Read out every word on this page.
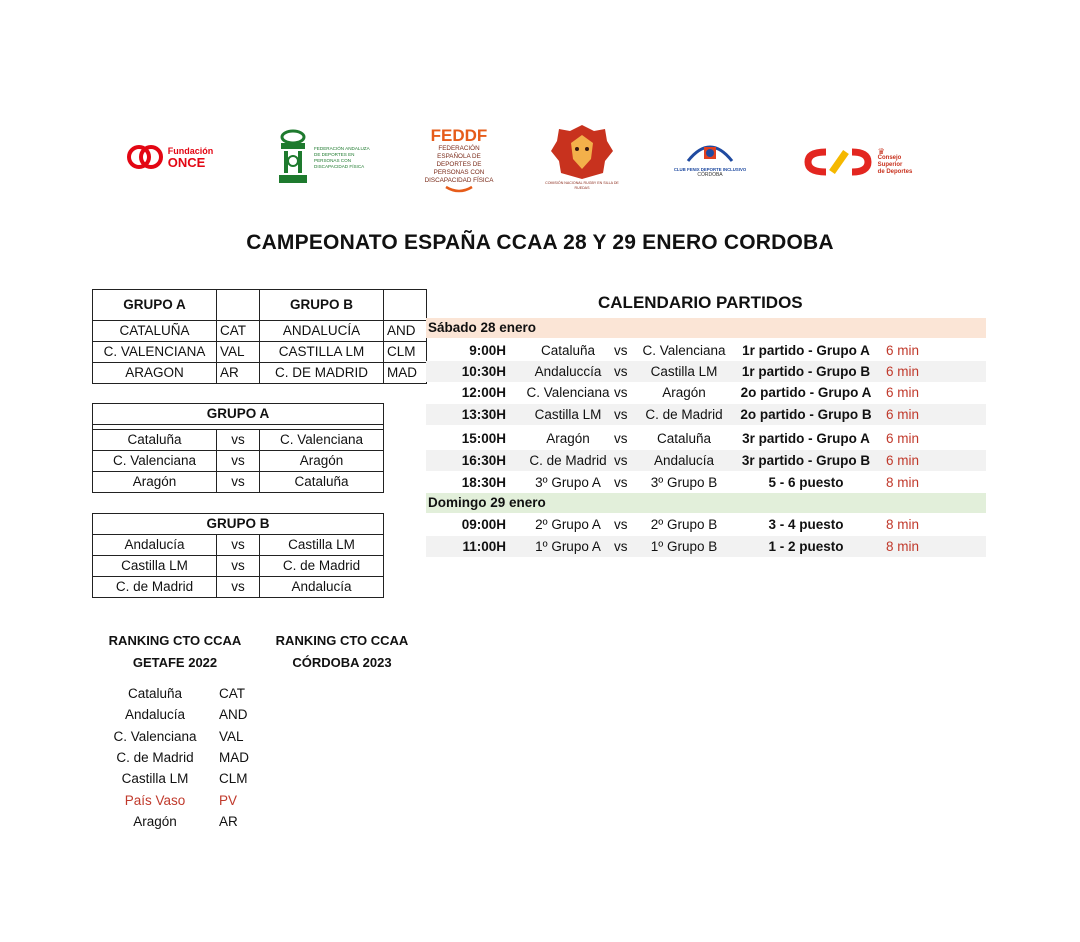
Fundación
ONCE
FEDERACIÓN ANDALUZA DE DEPORTES EN PERSONAS CON DISCAPACIDAD FÍSICA
FEDDF
FEDERACIÓN ESPAÑOLA DE DEPORTES DE PERSONAS CON DISCAPACIDAD FÍSICA	COMISIÓN NACIONAL RUGBY EN SILLA DE RUEDAS
CLUB FENIX DEPORTE INCLUSIVO
CÓRDOBA
♛
Consejo
Superior
de Deportes
CAMPEONATO ESPAÑA CCAA 28 Y 29 ENERO CORDOBA
GRUPO A		GRUPO B	
CATALUÑA	CAT	ANDALUCÍA	AND
C. VALENCIANA	VAL	CASTILLA LM	CLM
ARAGON	AR	C. DE MADRID	MAD
GRUPO A		

Cataluña	vs	C. Valenciana
C. Valenciana	vs	Aragón
Aragón	vs	Cataluña
GRUPO B		
Andalucía	vs	Castilla LM
Castilla LM	vs	C. de Madrid
C. de Madrid	vs	Andalucía
CALENDARIO PARTIDOS
Sábado 28 enero
9:00H	Cataluña	vs	C. Valenciana	1r partido - Grupo A	6 min
10:30H	Andaluccía vs	Castilla LM	1r partido - Grupo B	6 min
12:00H	C. Valenciana vs	Aragón	2o partido - Grupo A	6 min
13:30H	Castilla LM vs	C. de Madrid	2o partido - Grupo B	6 min
15:00H	Aragón	vs	Cataluña	3r partido - Grupo A	6 min
16:30H	C. de Madrid vs	Andalucía	3r partido - Grupo B	6 min
18:30H	3º Grupo A vs	3º Grupo B	5 - 6 puesto	8 min
Domingo 29 enero
09:00H	2º Grupo A vs	2º Grupo B	3 - 4 puesto	8 min
11:00H	1º Grupo A vs	1º Grupo B	1 - 2 puesto	8 min
RANKING CTO CCAA
GETAFE 2022
RANKING CTO CCAA
CÓRDOBA 2023
Cataluña	CAT
Andalucía	AND
C. Valenciana	VAL
C. de Madrid	MAD
Castilla LM	CLM
País Vaso	PV
Aragón	AR
